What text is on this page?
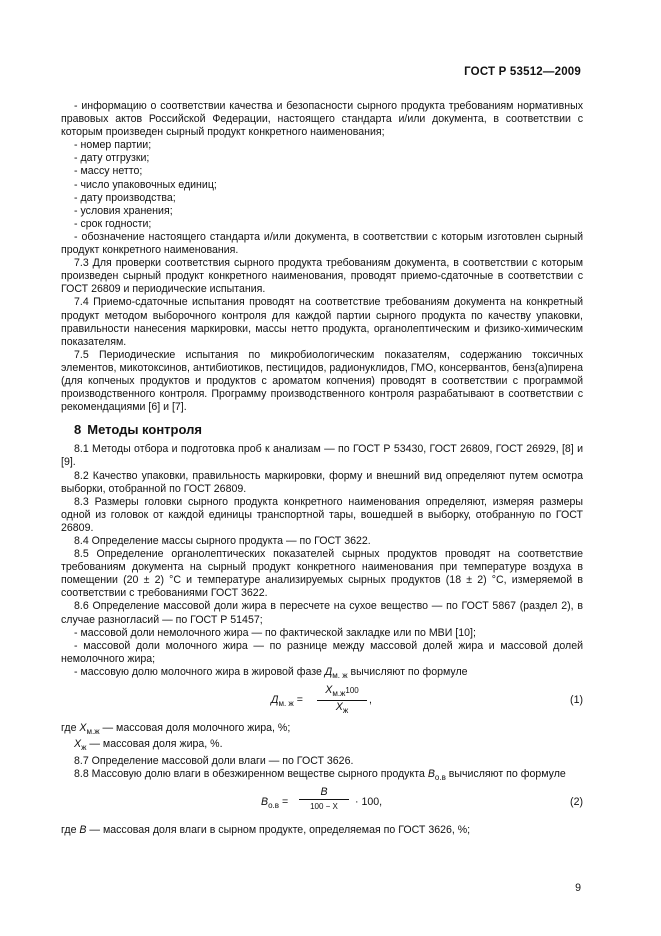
ГОСТ Р 53512—2009

- информацию о соответствии качества и безопасности сырного продукта требованиям нормативных правовых актов Российской Федерации, настоящего стандарта и/или документа, в соответствии с которым произведен сырный продукт конкретного наименования;

- номер партии;

- дату отгрузки;

- массу нетто;

- число упаковочных единиц;

- дату производства;

- условия хранения;

- срок годности;

- обозначение настоящего стандарта и/или документа, в соответствии с которым изготовлен сырный продукт конкретного наименования.

7.3 Для проверки соответствия сырного продукта требованиям документа, в соответствии с которым произведен сырный продукт конкретного наименования, проводят приемо-сдаточные в соответствии с ГОСТ 26809 и периодические испытания.

7.4 Приемо-сдаточные испытания проводят на соответствие требованиям документа на конкретный продукт методом выборочного контроля для каждой партии сырного продукта по качеству упаковки, правильности нанесения маркировки, массы нетто продукта, органолептическим и физико-химическим показателям.

7.5 Периодические испытания по микробиологическим показателям, содержанию токсичных элементов, микотоксинов, антибиотиков, пестицидов, радионуклидов, ГМО, консервантов, бенз(а)пирена (для копченых продуктов и продуктов с ароматом копчения) проводят в соответствии с программой производственного контроля. Программу производственного контроля разрабатывают в соответствии с рекомендациями [6] и [7].

8 Методы контроля

8.1 Методы отбора и подготовка проб к анализам — по ГОСТ Р 53430, ГОСТ 26809, ГОСТ 26929, [8] и [9].

8.2 Качество упаковки, правильность маркировки, форму и внешний вид определяют путем осмотра выборки, отобранной по ГОСТ 26809.

8.3 Размеры головки сырного продукта конкретного наименования определяют, измеряя размеры одной из головок от каждой единицы транспортной тары, вошедшей в выборку, отобранную по ГОСТ 26809.

8.4 Определение массы сырного продукта — по ГОСТ 3622.

8.5 Определение органолептических показателей сырных продуктов проводят на соответствие требованиям документа на сырный продукт конкретного наименования при температуре воздуха в помещении (20 ± 2) °С и температуре анализируемых сырных продуктов (18 ± 2) °С, измеряемой в соответствии с требованиями ГОСТ 3622.

8.6 Определение массовой доли жира в пересчете на сухое вещество — по ГОСТ 5867 (раздел 2), в случае разногласий — по ГОСТ Р 51457;

- массовой доли немолочного жира — по фактической закладке или по МВИ [10];

- массовой доли молочного жира — по разнице между массовой долей жира и массовой долей немолочного жира;

- массовую долю молочного жира в жировой фазе $Д_{м. ж}$ вычисляют по формуле

$Д_{м. ж}$ =
$X_{м.ж}100$
$X_ж$
,	(1)

где $X_{м.ж}$ — массовая доля молочного жира, %;

$X_ж$ — массовая доля жира, %.

8.7 Определение массовой доли влаги — по ГОСТ 3626.

8.8 Массовую долю влаги в обезжиренном веществе сырного продукта $В_{о.в}$ вычисляют по формуле

$В_{о.в}$ =
В
100 − X	· 100,	(2)

где В — массовая доля влаги в сырном продукте, определяемая по ГОСТ 3626, %;

9
